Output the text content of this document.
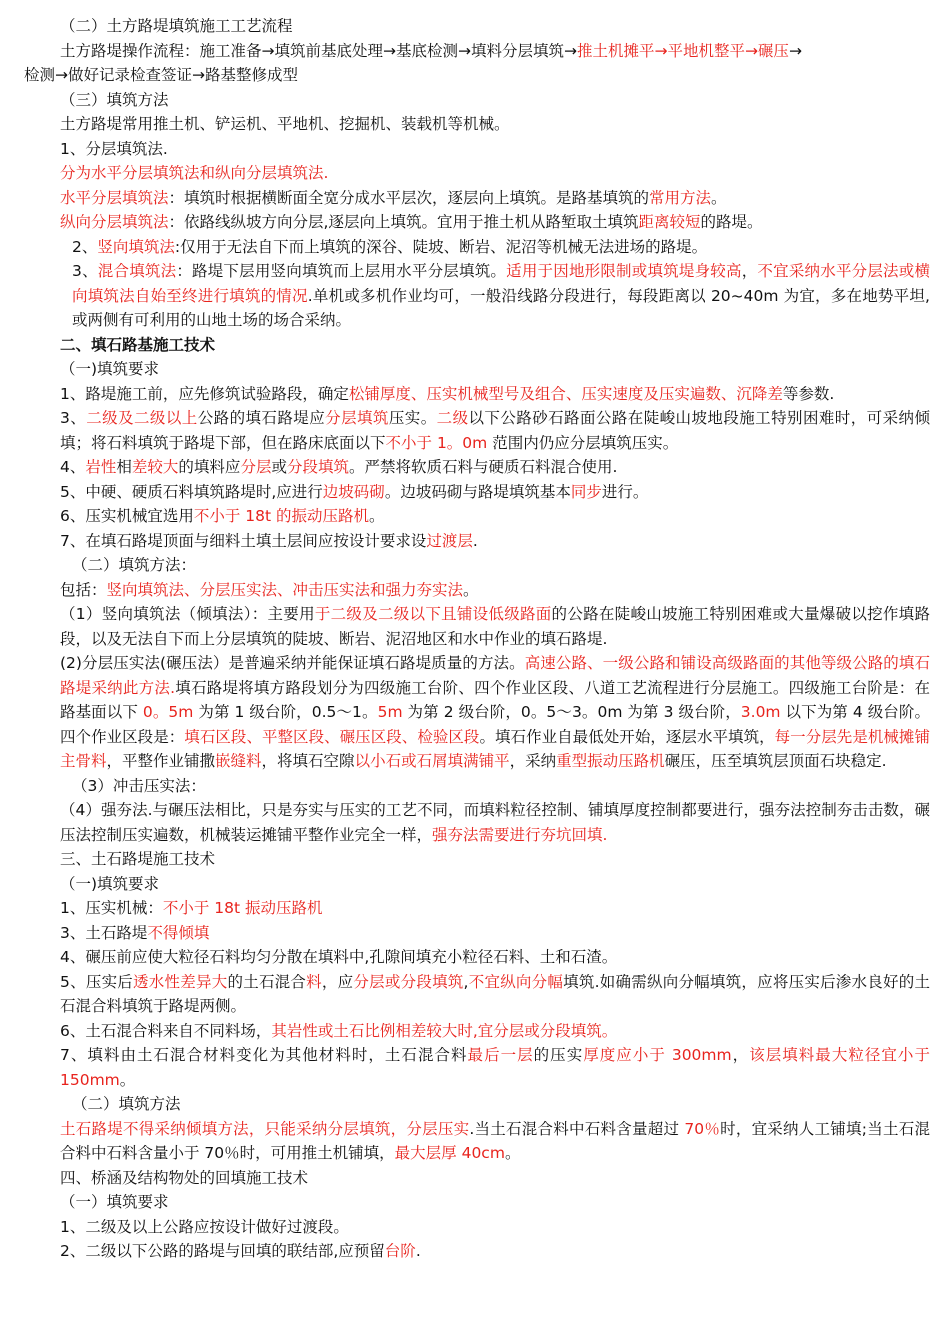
（二）土方路堤填筑施工工艺流程
土方路堤操作流程：施工准备→填筑前基底处理→基底检测→填料分层填筑→推土机摊平→平地机整平→碾压→
检测→做好记录检查签证→路基整修成型
（三）填筑方法
土方路堤常用推土机、铲运机、平地机、挖掘机、装载机等机械。
1、分层填筑法.
分为水平分层填筑法和纵向分层填筑法.
水平分层填筑法：填筑时根据横断面全宽分成水平层次，逐层向上填筑。是路基填筑的常用方法。
纵向分层填筑法：依路线纵坡方向分层,逐层向上填筑。宜用于推土机从路堑取土填筑距离较短的路堤。
2、竖向填筑法:仅用于无法自下而上填筑的深谷、陡坡、断岩、泥沼等机械无法进场的路堤。
3、混合填筑法：路堤下层用竖向填筑而上层用水平分层填筑。适用于因地形限制或填筑堤身较高，不宜采纳水平分层法或横向填筑法自始至终进行填筑的情况.单机或多机作业均可，一般沿线路分段进行，每段距离以 20~40m 为宜，多在地势平坦,或两侧有可利用的山地土场的场合采纳。
二、填石路基施工技术
（一)填筑要求
1、路堤施工前，应先修筑试验路段，确定松铺厚度、压实机械型号及组合、压实速度及压实遍数、沉降差等参数.
3、二级及二级以上公路的填石路堤应分层填筑压实。二级以下公路砂石路面公路在陡峻山坡地段施工特别困难时，可采纳倾填；将石料填筑于路堤下部，但在路床底面以下不小于 1。0m 范围内仍应分层填筑压实。
4、岩性相差较大的填料应分层或分段填筑。严禁将软质石料与硬质石料混合使用.
5、中硬、硬质石料填筑路堤时,应进行边坡码砌。边坡码砌与路堤填筑基本同步进行。
6、压实机械宜选用不小于 18t 的振动压路机。
7、在填石路堤顶面与细料土填土层间应按设计要求设过渡层.
（二）填筑方法：
包括：竖向填筑法、分层压实法、冲击压实法和强力夯实法。
（1）竖向填筑法（倾填法）：主要用于二级及二级以下且铺设低级路面的公路在陡峻山坡施工特别困难或大量爆破以挖作填路段，以及无法自下而上分层填筑的陡坡、断岩、泥沼地区和水中作业的填石路堤.
(2)分层压实法(碾压法）是普遍采纳并能保证填石路堤质量的方法。高速公路、一级公路和铺设高级路面的其他等级公路的填石路堤采纳此方法.填石路堤将填方路段划分为四级施工台阶、四个作业区段、八道工艺流程进行分层施工。四级施工台阶是：在路基面以下 0。5m 为第 1 级台阶，0.5～1。5m 为第 2 级台阶，0。5～3。0m 为第 3 级台阶，3.0m 以下为第 4 级台阶。四个作业区段是：填石区段、平整区段、碾压区段、检验区段。填石作业自最低处开始，逐层水平填筑，每一分层先是机械摊铺主骨料，平整作业铺撒嵌缝料，将填石空隙以小石或石屑填满铺平，采纳重型振动压路机碾压，压至填筑层顶面石块稳定.
（3）冲击压实法：
（4）强夯法.与碾压法相比，只是夯实与压实的工艺不同，而填料粒径控制、铺填厚度控制都要进行，强夯法控制夯击击数，碾压法控制压实遍数，机械装运摊铺平整作业完全一样，强夯法需要进行夯坑回填.
三、土石路堤施工技术
（一)填筑要求
1、压实机械：不小于 18t 振动压路机
3、土石路堤不得倾填
4、碾压前应使大粒径石料均匀分散在填料中,孔隙间填充小粒径石料、土和石渣。
5、压实后透水性差异大的土石混合料，应分层或分段填筑,不宜纵向分幅填筑.如确需纵向分幅填筑，应将压实后渗水良好的土石混合料填筑于路堤两侧。
6、土石混合料来自不同料场，其岩性或土石比例相差较大时,宜分层或分段填筑。
7、填料由土石混合材料变化为其他材料时，土石混合料最后一层的压实厚度应小于 300mm，该层填料最大粒径宜小于 150mm。
（二）填筑方法
土石路堤不得采纳倾填方法，只能采纳分层填筑，分层压实.当土石混合料中石料含量超过 70％时，宜采纳人工铺填;当土石混合料中石料含量小于 70％时，可用推土机铺填，最大层厚 40cm。
四、桥涵及结构物处的回填施工技术
（一）填筑要求
1、二级及以上公路应按设计做好过渡段。
2、二级以下公路的路堤与回填的联结部,应预留台阶.
